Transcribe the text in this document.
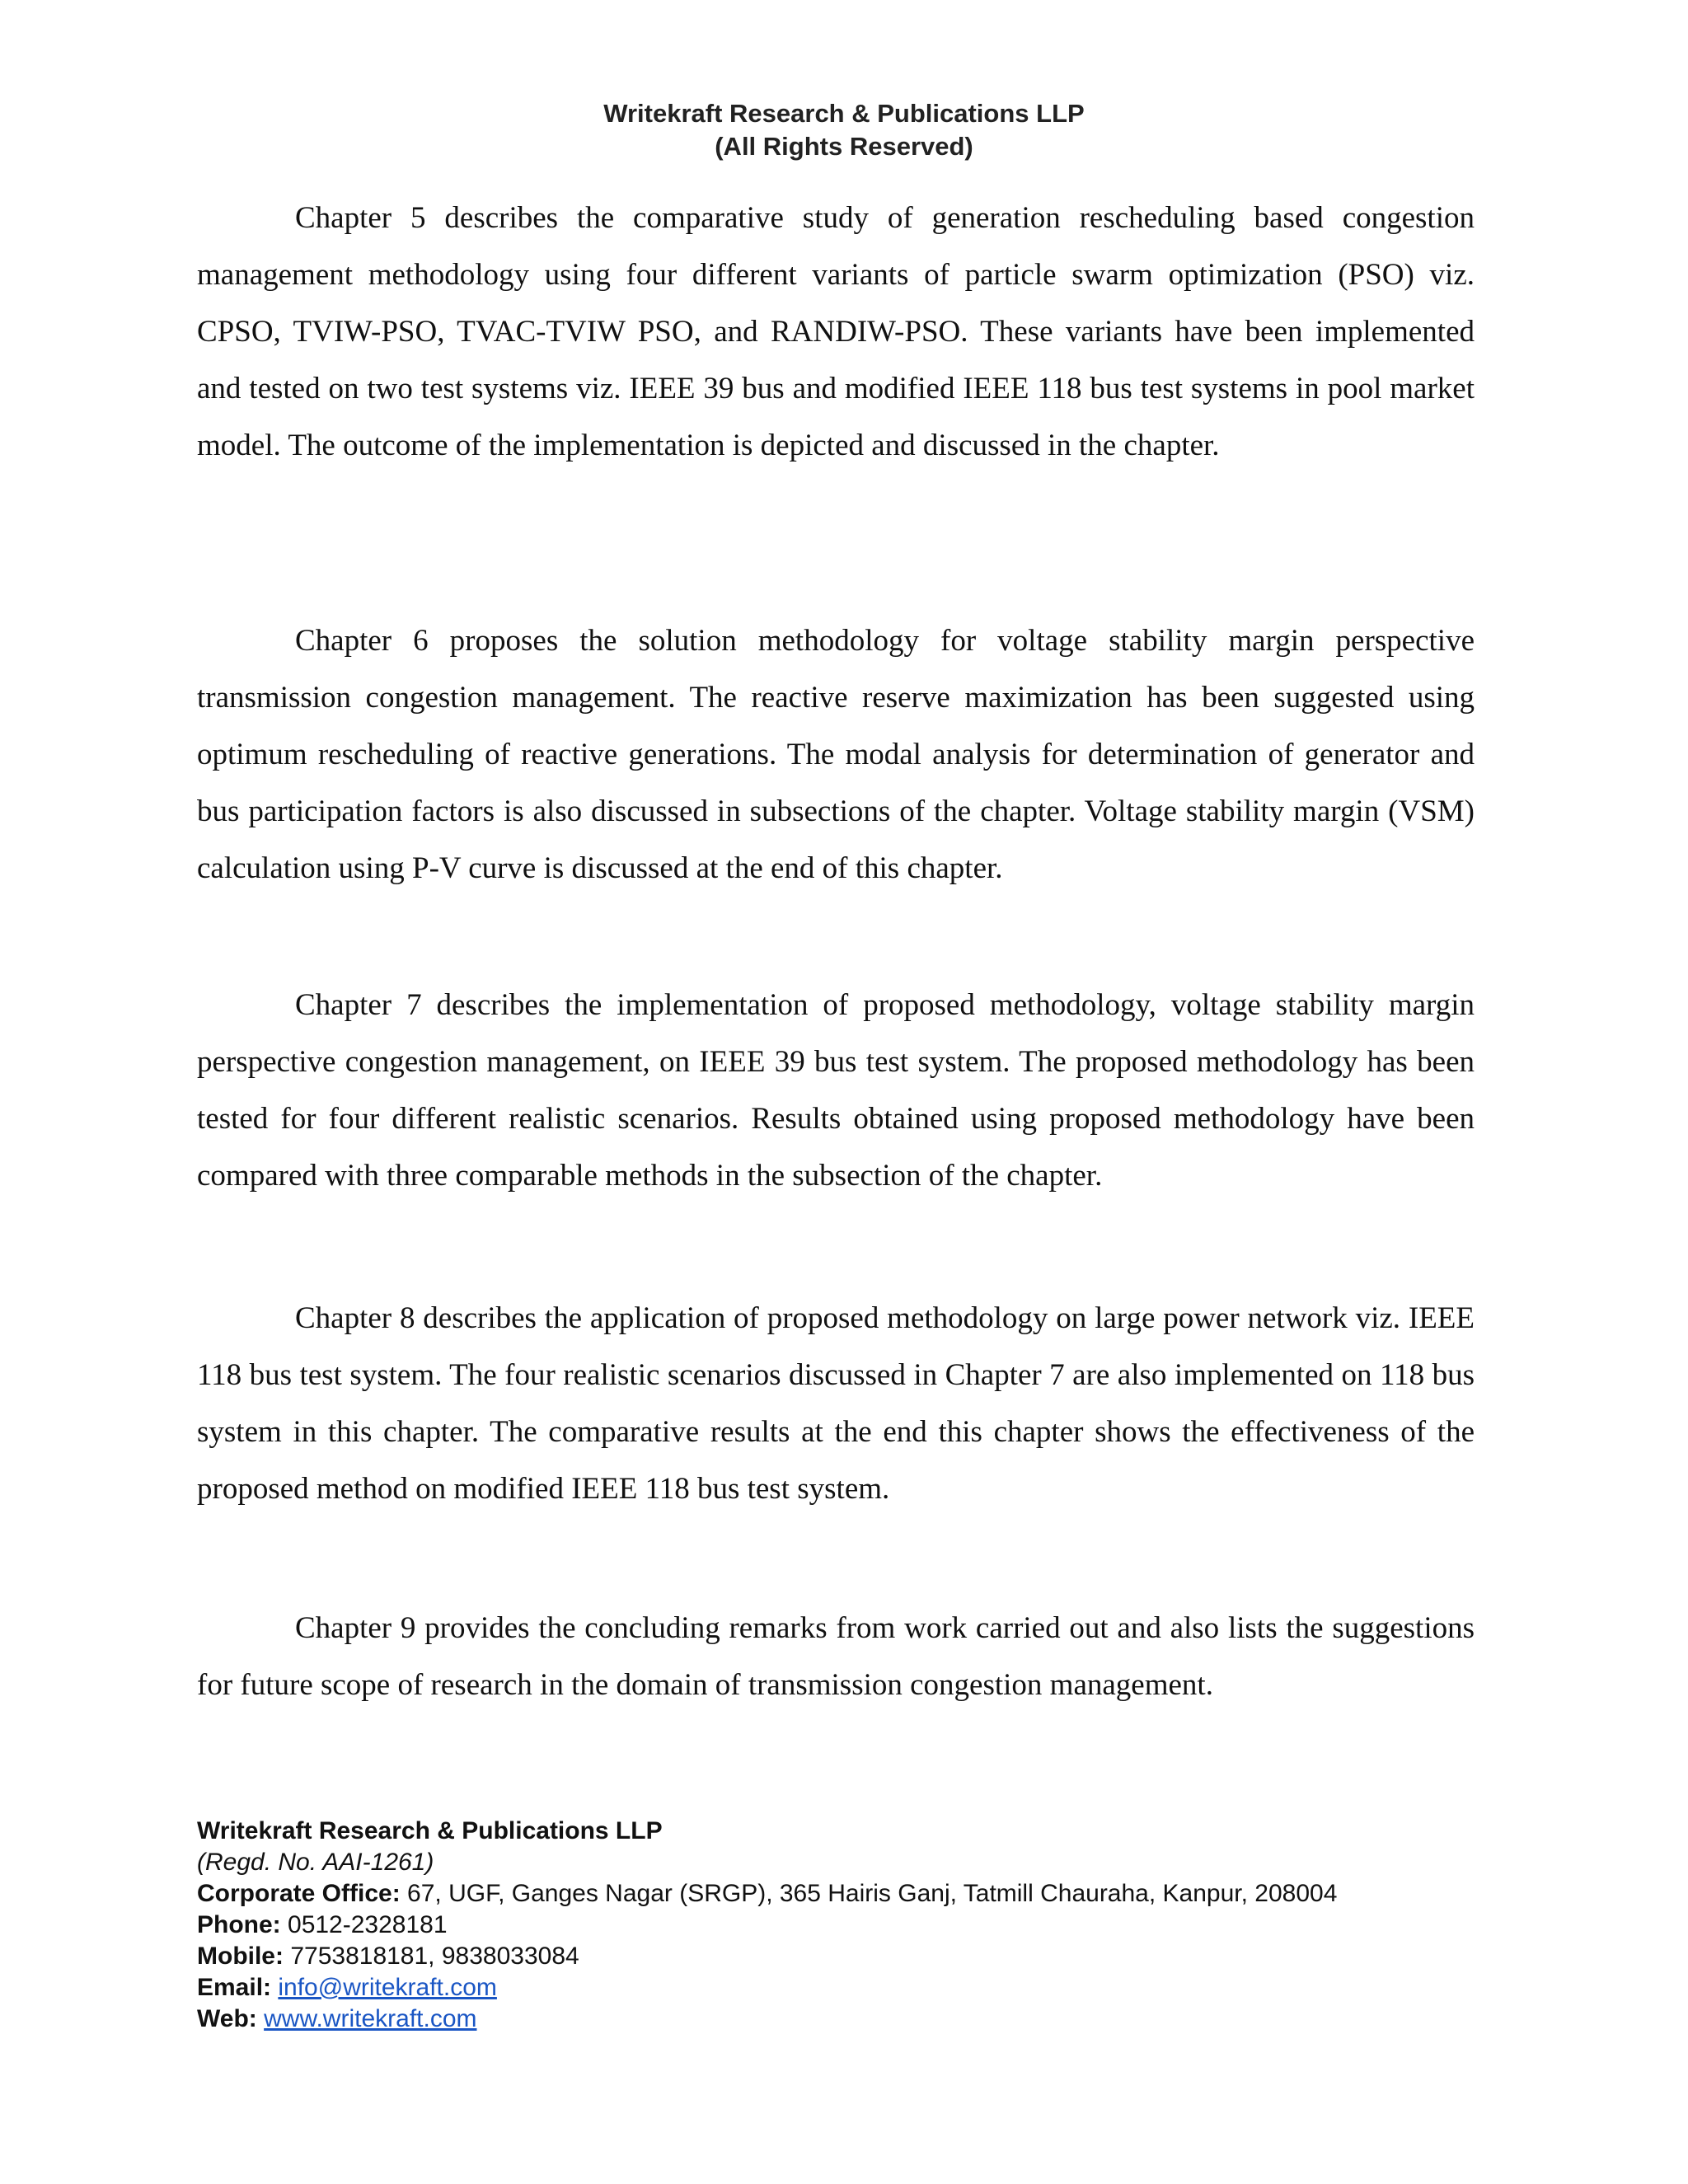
Writekraft Research & Publications LLP
(All Rights Reserved)

Chapter 5 describes the comparative study of generation rescheduling based congestion management methodology using four different variants of particle swarm optimization (PSO) viz. CPSO, TVIW-PSO, TVAC-TVIW PSO, and RANDIW-PSO. These variants have been implemented and tested on two test systems viz. IEEE 39 bus and modified IEEE 118 bus test systems in pool market model. The outcome of the implementation is depicted and discussed in the chapter.

Chapter 6 proposes the solution methodology for voltage stability margin perspective transmission congestion management. The reactive reserve maximization has been suggested using optimum rescheduling of reactive generations. The modal analysis for determination of generator and bus participation factors is also discussed in subsections of the chapter. Voltage stability margin (VSM) calculation using P-V curve is discussed at the end of this chapter.

Chapter 7 describes the implementation of proposed methodology, voltage stability margin perspective congestion management, on IEEE 39 bus test system. The proposed methodology has been tested for four different realistic scenarios. Results obtained using proposed methodology have been compared with three comparable methods in the subsection of the chapter.

Chapter 8 describes the application of proposed methodology on large power network viz. IEEE 118 bus test system. The four realistic scenarios discussed in Chapter 7 are also implemented on 118 bus system in this chapter. The comparative results at the end this chapter shows the effectiveness of the proposed method on modified IEEE 118 bus test system.

Chapter 9 provides the concluding remarks from work carried out and also lists the suggestions for future scope of research in the domain of transmission congestion management.

Writekraft Research & Publications LLP
(Regd. No. AAI-1261)
Corporate Office: 67, UGF, Ganges Nagar (SRGP), 365 Hairis Ganj, Tatmill Chauraha, Kanpur, 208004
Phone: 0512-2328181
Mobile: 7753818181, 9838033084
Email: info@writekraft.com
Web: www.writekraft.com
